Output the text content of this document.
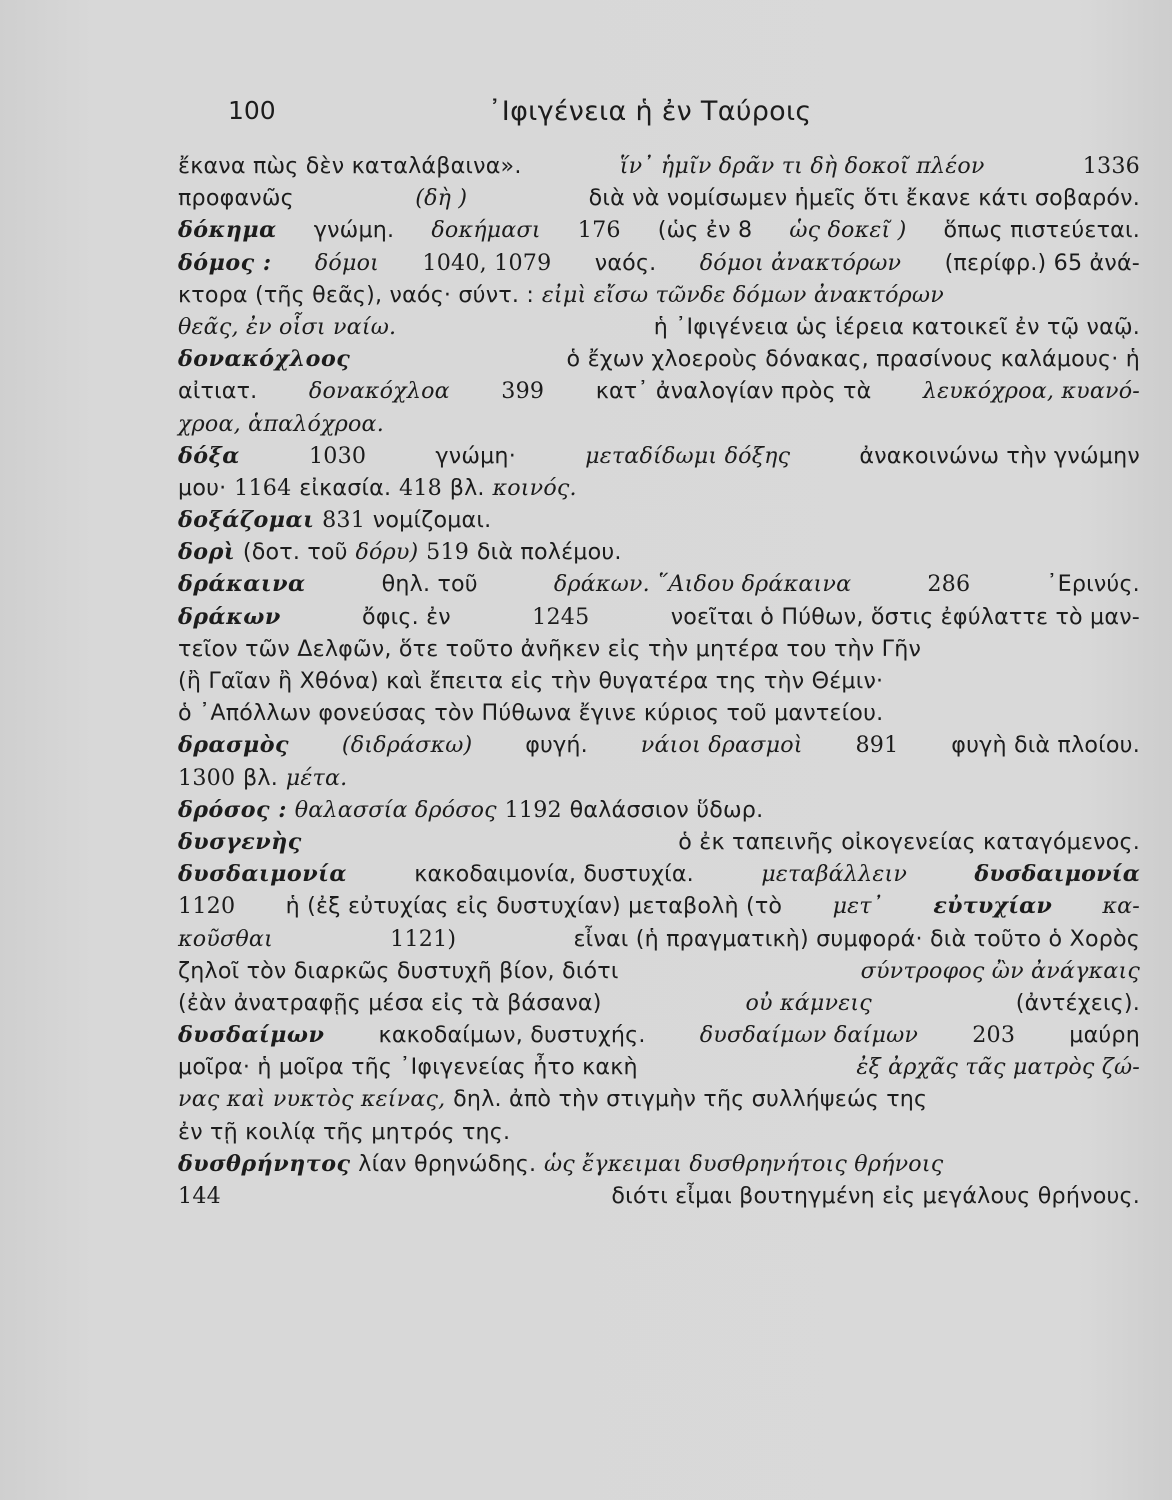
100	᾿Ιφιγένεια ἡ ἐν Ταύροις
ἔκανα πὼς δὲν καταλάβαινα».	ἵν᾿ ἡμῖν δρᾶν τι δὴ δοκοῖ πλέον	1336
προφανῶς	(δὴ )	διὰ νὰ νομίσωμεν ἡμεῖς ὅτι ἔκανε κάτι σοβαρόν.
δόκημα γνώμη. δοκήμασι 176 (ὡς ἐν 8 ὡς δοκεῖ ) ὅπως πιστεύεται.
δόμος : δόμοι 1040, 1079 ναός. δόμοι ἀνακτόρων (περίφρ.) 65 ἀνά-
κτορα (τῆς θεᾶς), ναός· σύντ. : εἰμὶ εἴσω τῶνδε δόμων ἀνακτόρων
θεᾶς, ἐν οἷσι ναίω.	ἡ ᾿Ιφιγένεια ὡς ἱέρεια κατοικεῖ ἐν τῷ ναῷ.
δονακόχλοος	ὁ ἔχων χλοεροὺς δόνακας, πρασίνους καλάμους· ἡ
αἰτιατ. δονακόχλοα 399 κατ᾿ ἀναλογίαν πρὸς τὰ λευκόχροα, κυανό-
χροα, ἁπαλόχροα.
δόξα	1030	γνώμη·	μεταδίδωμι δόξης	ἀνακοινώνω τὴν γνώμην
μου· 1164 εἰκασία. 418 βλ. κοινός.
δοξάζομαι 831 νομίζομαι.
δορὶ (δοτ. τοῦ δόρυ) 519 διὰ πολέμου.
δράκαινα	θηλ. τοῦ	δράκων. ῞Αιδου δράκαινα	286	᾿Ερινύς.
δράκων	ὄφις. ἐν	1245	νοεῖται ὁ Πύθων, ὅστις ἐφύλαττε τὸ μαν-
τεῖον τῶν Δελφῶν, ὅτε τοῦτο ἀνῆκεν εἰς τὴν μητέρα του τὴν Γῆν
(ἢ Γαῖαν ἢ Χθόνα) καὶ ἔπειτα εἰς τὴν θυγατέρα της τὴν Θέμιν·
ὁ ᾿Απόλλων φονεύσας τὸν Πύθωνα ἔγινε κύριος τοῦ μαντείου.
δρασμὸς (διδράσκω) φυγή. νάιοι δρασμοὶ 891 φυγὴ διὰ πλοίου.
1300 βλ. μέτα.
δρόσος : θαλασσία δρόσος 1192 θαλάσσιον ὕδωρ.
δυσγενὴς	ὁ ἐκ ταπεινῆς οἰκογενείας καταγόμενος.
δυσδαιμονία	κακοδαιμονία, δυστυχία.	μεταβάλλειν	δυσδαιμονία
1120 ἡ (ἐξ εὐτυχίας εἰς δυστυχίαν) μεταβολὴ (τὸ μετ᾿ εὐτυχίαν κα-
κοῦσθαι	1121)	εἶναι (ἡ πραγματικὴ) συμφορά· διὰ τοῦτο ὁ Χορὸς
ζηλοῖ τὸν διαρκῶς δυστυχῆ βίον, διότι	σύντροφος ὢν ἀνάγκαις
(ἐὰν ἀνατραφῇς μέσα εἰς τὰ βάσανα)	οὐ κάμνεις	(ἀντέχεις).
δυσδαίμων κακοδαίμων, δυστυχής. δυσδαίμων δαίμων 203 μαύρη
μοῖρα· ἡ μοῖρα τῆς ᾿Ιφιγενείας ἦτο κακὴ	ἐξ ἀρχᾶς τᾶς ματρὸς ζώ-
νας καὶ νυκτὸς κείνας, δηλ. ἀπὸ τὴν στιγμὴν τῆς συλλήψεώς της
ἐν τῇ κοιλίᾳ τῆς μητρός της.
δυσθρήνητος λίαν θρηνώδης. ὡς ἔγκειμαι δυσθρηνήτοις θρήνοις
144	διότι εἶμαι βουτηγμένη εἰς μεγάλους θρήνους.
